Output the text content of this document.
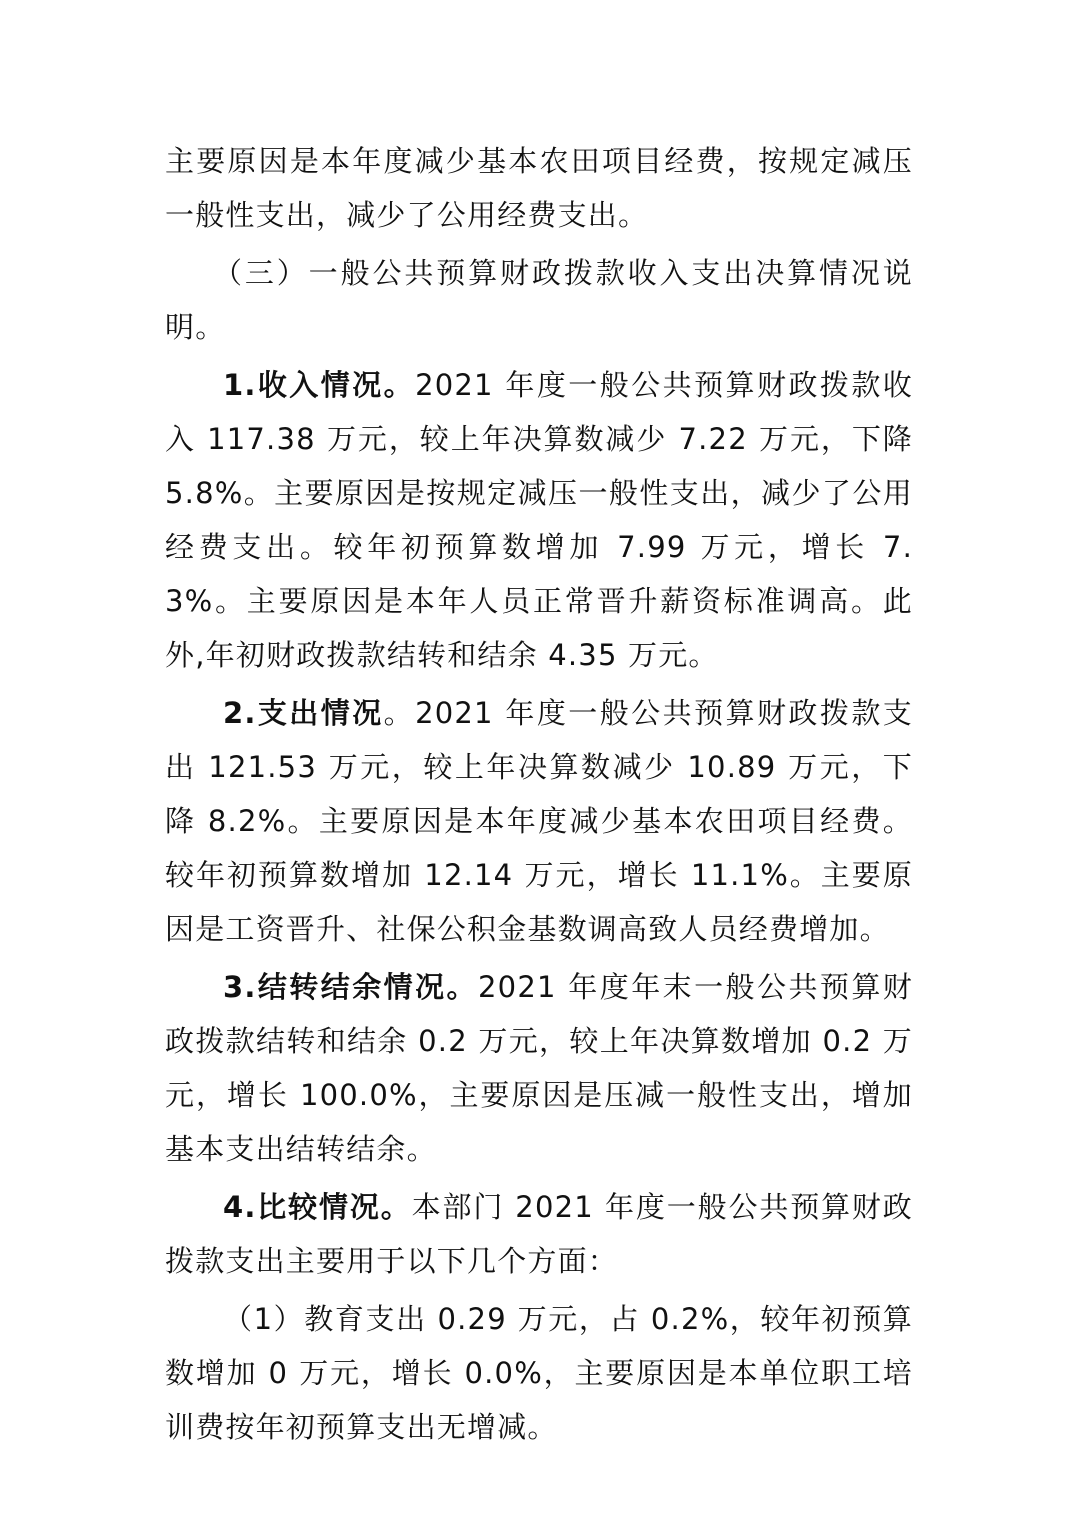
主要原因是本年度减少基本农田项目经费，按规定减压一般性支出，减少了公用经费支出。

（三）一般公共预算财政拨款收入支出决算情况说明。

1.收入情况。2021 年度一般公共预算财政拨款收入 117.38 万元，较上年决算数减少 7.22 万元，下降 5.8%。主要原因是按规定减压一般性支出，减少了公用经费支出。较年初预算数增加 7.99 万元，增长 7.3%。主要原因是本年人员正常晋升薪资标准调高。此外,年初财政拨款结转和结余 4.35 万元。

2.支出情况。2021 年度一般公共预算财政拨款支出 121.53 万元，较上年决算数减少 10.89 万元，下降 8.2%。主要原因是本年度减少基本农田项目经费。较年初预算数增加 12.14 万元，增长 11.1%。主要原因是工资晋升、社保公积金基数调高致人员经费增加。

3.结转结余情况。2021 年度年末一般公共预算财政拨款结转和结余 0.2 万元，较上年决算数增加 0.2 万元，增长 100.0%，主要原因是压减一般性支出，增加基本支出结转结余。

4.比较情况。本部门 2021 年度一般公共预算财政拨款支出主要用于以下几个方面：

（1）教育支出 0.29 万元，占 0.2%，较年初预算数增加 0 万元，增长 0.0%，主要原因是本单位职工培训费按年初预算支出无增减。
